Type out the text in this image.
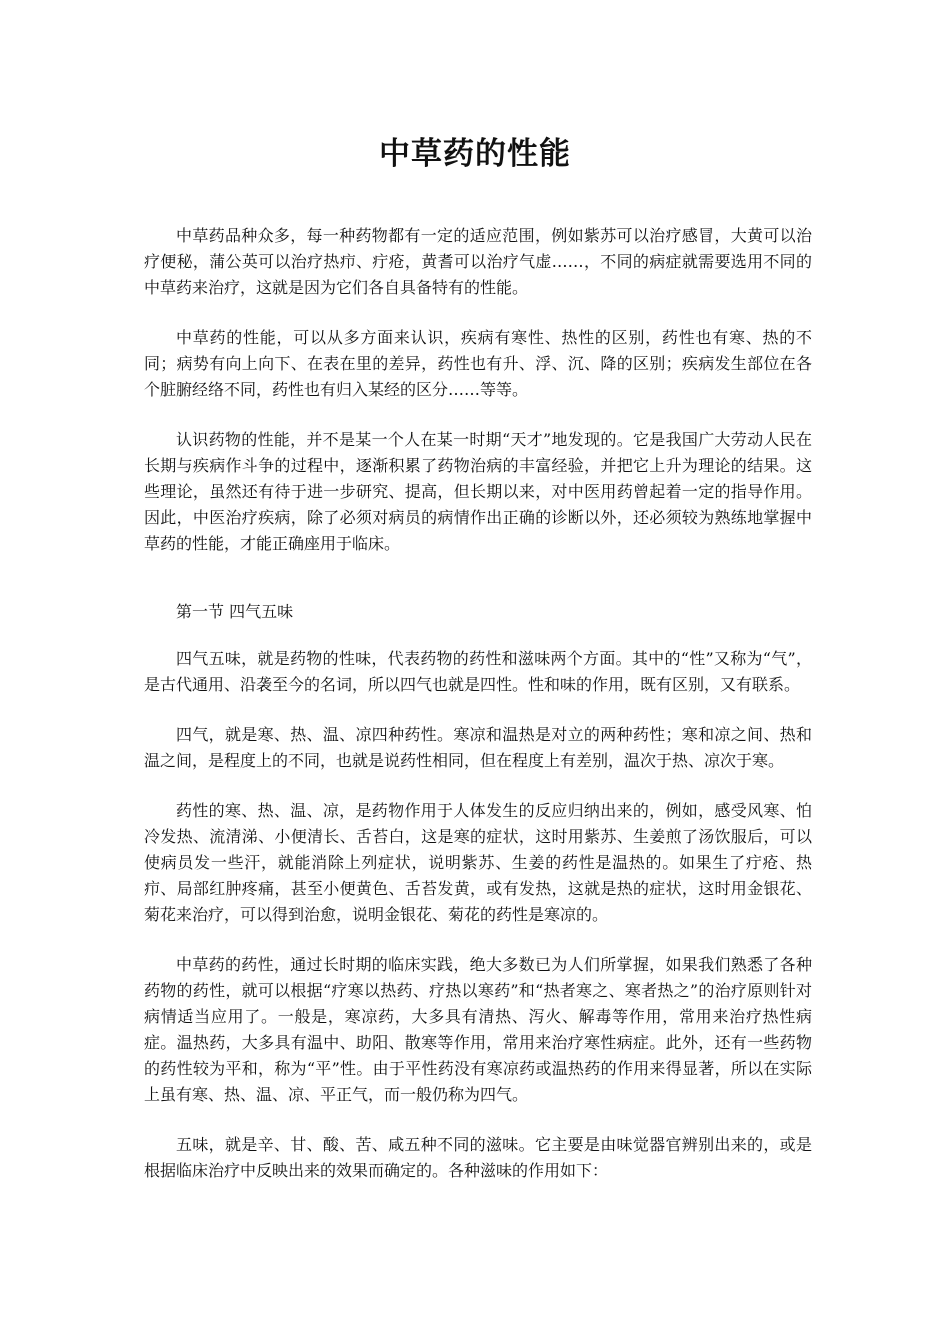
中草药的性能

中草药品种众多，每一种药物都有一定的适应范围，例如紫苏可以治疗感冒，大黄可以治疗便秘，蒲公英可以治疗热疖、疔疮，黄耆可以治疗气虚……，不同的病症就需要选用不同的中草药来治疗，这就是因为它们各自具备特有的性能。

中草药的性能，可以从多方面来认识，疾病有寒性、热性的区别，药性也有寒、热的不同；病势有向上向下、在表在里的差异，药性也有升、浮、沉、降的区别；疾病发生部位在各个脏腑经络不同，药性也有归入某经的区分……等等。

认识药物的性能，并不是某一个人在某一时期“天才”地发现的。它是我国广大劳动人民在长期与疾病作斗争的过程中，逐渐积累了药物治病的丰富经验，并把它上升为理论的结果。这些理论，虽然还有待于进一步研究、提高，但长期以来，对中医用药曾起着一定的指导作用。因此，中医治疗疾病，除了必须对病员的病情作出正确的诊断以外，还必须较为熟练地掌握中草药的性能，才能正确座用于临床。

第一节 四气五味

四气五味，就是药物的性味，代表药物的药性和滋味两个方面。其中的“性”又称为“气”，是古代通用、沿袭至今的名词，所以四气也就是四性。性和味的作用，既有区别，又有联系。

四气，就是寒、热、温、凉四种药性。寒凉和温热是对立的两种药性；寒和凉之间、热和温之间，是程度上的不同，也就是说药性相同，但在程度上有差别，温次于热、凉次于寒。

药性的寒、热、温、凉，是药物作用于人体发生的反应归纳出来的，例如，感受风寒、怕冷发热、流清涕、小便清长、舌苔白，这是寒的症状，这时用紫苏、生姜煎了汤饮服后，可以使病员发一些汗，就能消除上列症状，说明紫苏、生姜的药性是温热的。如果生了疔疮、热疖、局部红肿疼痛，甚至小便黄色、舌苔发黄，或有发热，这就是热的症状，这时用金银花、菊花来治疗，可以得到治愈，说明金银花、菊花的药性是寒凉的。

中草药的药性，通过长时期的临床实践，绝大多数已为人们所掌握，如果我们熟悉了各种药物的药性，就可以根据“疗寒以热药、疗热以寒药”和“热者寒之、寒者热之”的治疗原则针对病情适当应用了。一般是，寒凉药，大多具有清热、泻火、解毒等作用，常用来治疗热性病症。温热药，大多具有温中、助阳、散寒等作用，常用来治疗寒性病症。此外，还有一些药物的药性较为平和，称为“平”性。由于平性药没有寒凉药或温热药的作用来得显著，所以在实际上虽有寒、热、温、凉、平正气，而一般仍称为四气。

五味，就是辛、甘、酸、苦、咸五种不同的滋味。它主要是由味觉器官辨别出来的，或是根据临床治疗中反映出来的效果而确定的。各种滋味的作用如下：
